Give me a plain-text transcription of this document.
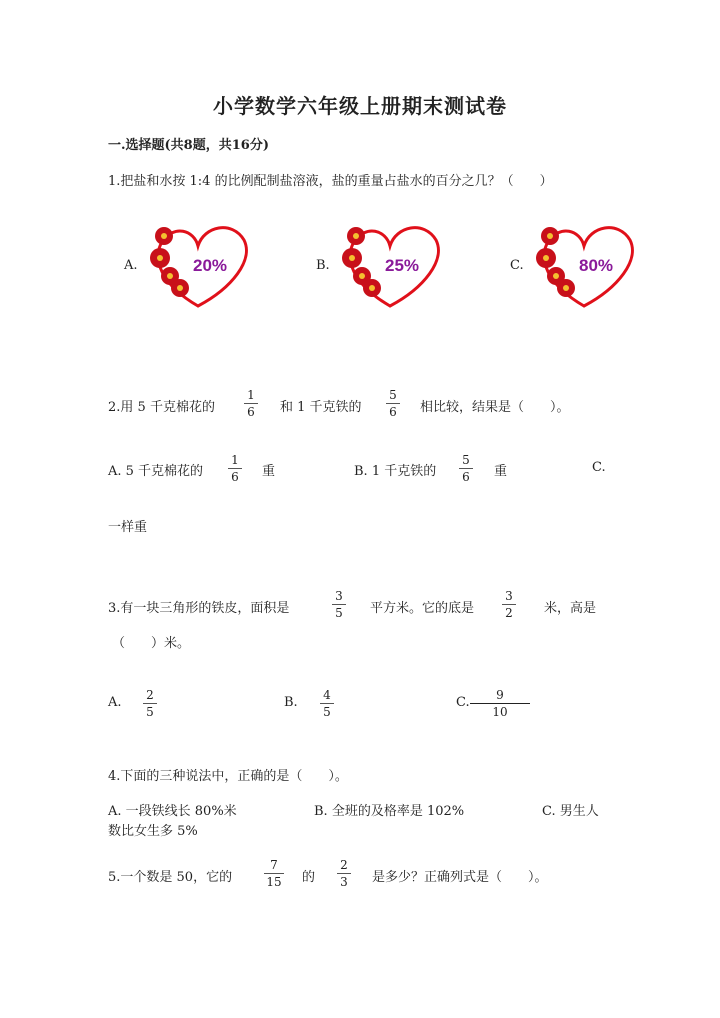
小学数学六年级上册期末测试卷
一.选择题(共8题，共16分)
1.把盐和水按 1:4 的比例配制盐溶液，盐的重量占盐水的百分之几？（　　）
A.	20%	B.	25%	C.	80%
2.用 5 千克棉花的
1
6 和 1 千克铁的
5
6 相比较，结果是（　　）。
A. 5 千克棉花的
1
6 重	B. 1 千克铁的
5
6 重	C.
一样重
3.有一块三角形的铁皮，面积是
3
5 平方米。它的底是
3
2 米，高是
（　　）米。
A. 2
5
B. 4
5
C.	9
10
4.下面的三种说法中，正确的是（　　）。
A. 一段铁线长 80%米	B. 全班的及格率是 102%	C. 男生人
数比女生多 5%
5.一个数是 50，它的
7
15 的
2
3 是多少？正确列式是（　　）。
